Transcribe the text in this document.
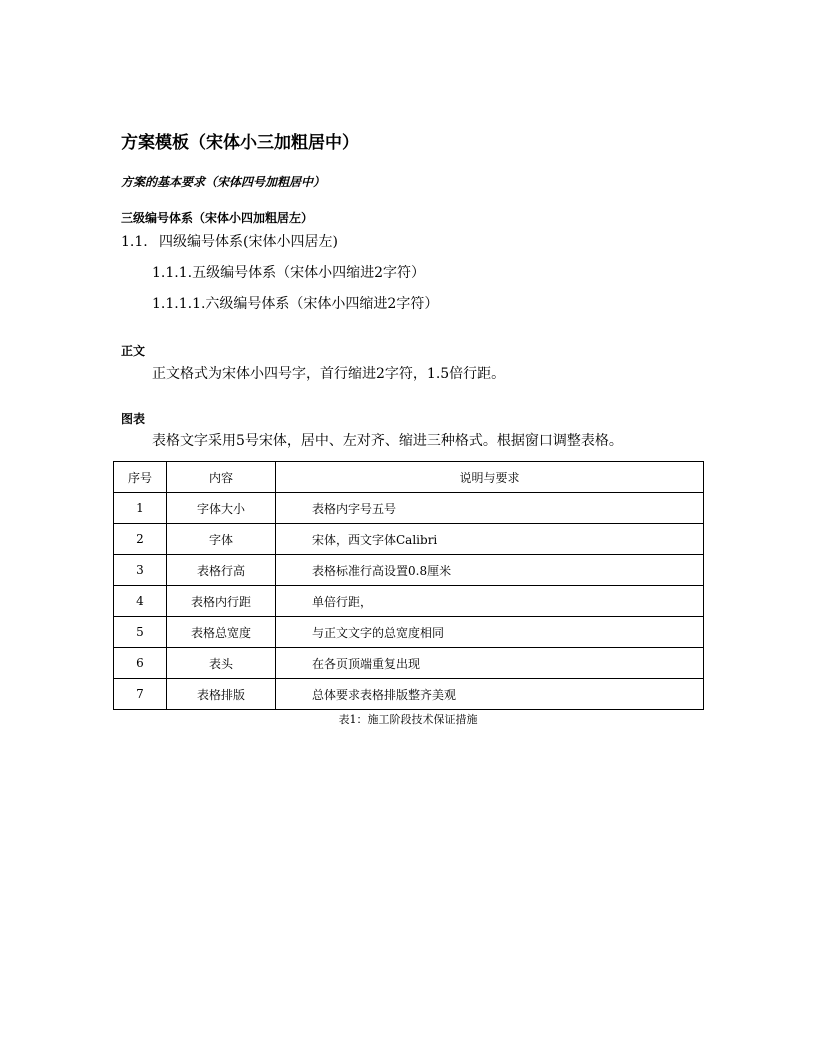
方案模板（宋体小三加粗居中）
方案的基本要求（宋体四号加粗居中）
三级编号体系（宋体小四加粗居左）
1.1. 四级编号体系(宋体小四居左)
1.1.1.五级编号体系（宋体小四缩进2字符）
1.1.1.1.六级编号体系（宋体小四缩进2字符）
正文
正文格式为宋体小四号字，首行缩进2字符，1.5倍行距。
图表
表格文字采用5号宋体，居中、左对齐、缩进三种格式。根据窗口调整表格。
序号	内容	说明与要求
1	字体大小	表格内字号五号
2	字体	宋体，西文字体Calibri
3	表格行高	表格标准行高设置0.8厘米
4	表格内行距	单倍行距，
5	表格总宽度	与正文文字的总宽度相同
6	表头	在各页顶端重复出现
7	表格排版	总体要求表格排版整齐美观
表1：施工阶段技术保证措施
